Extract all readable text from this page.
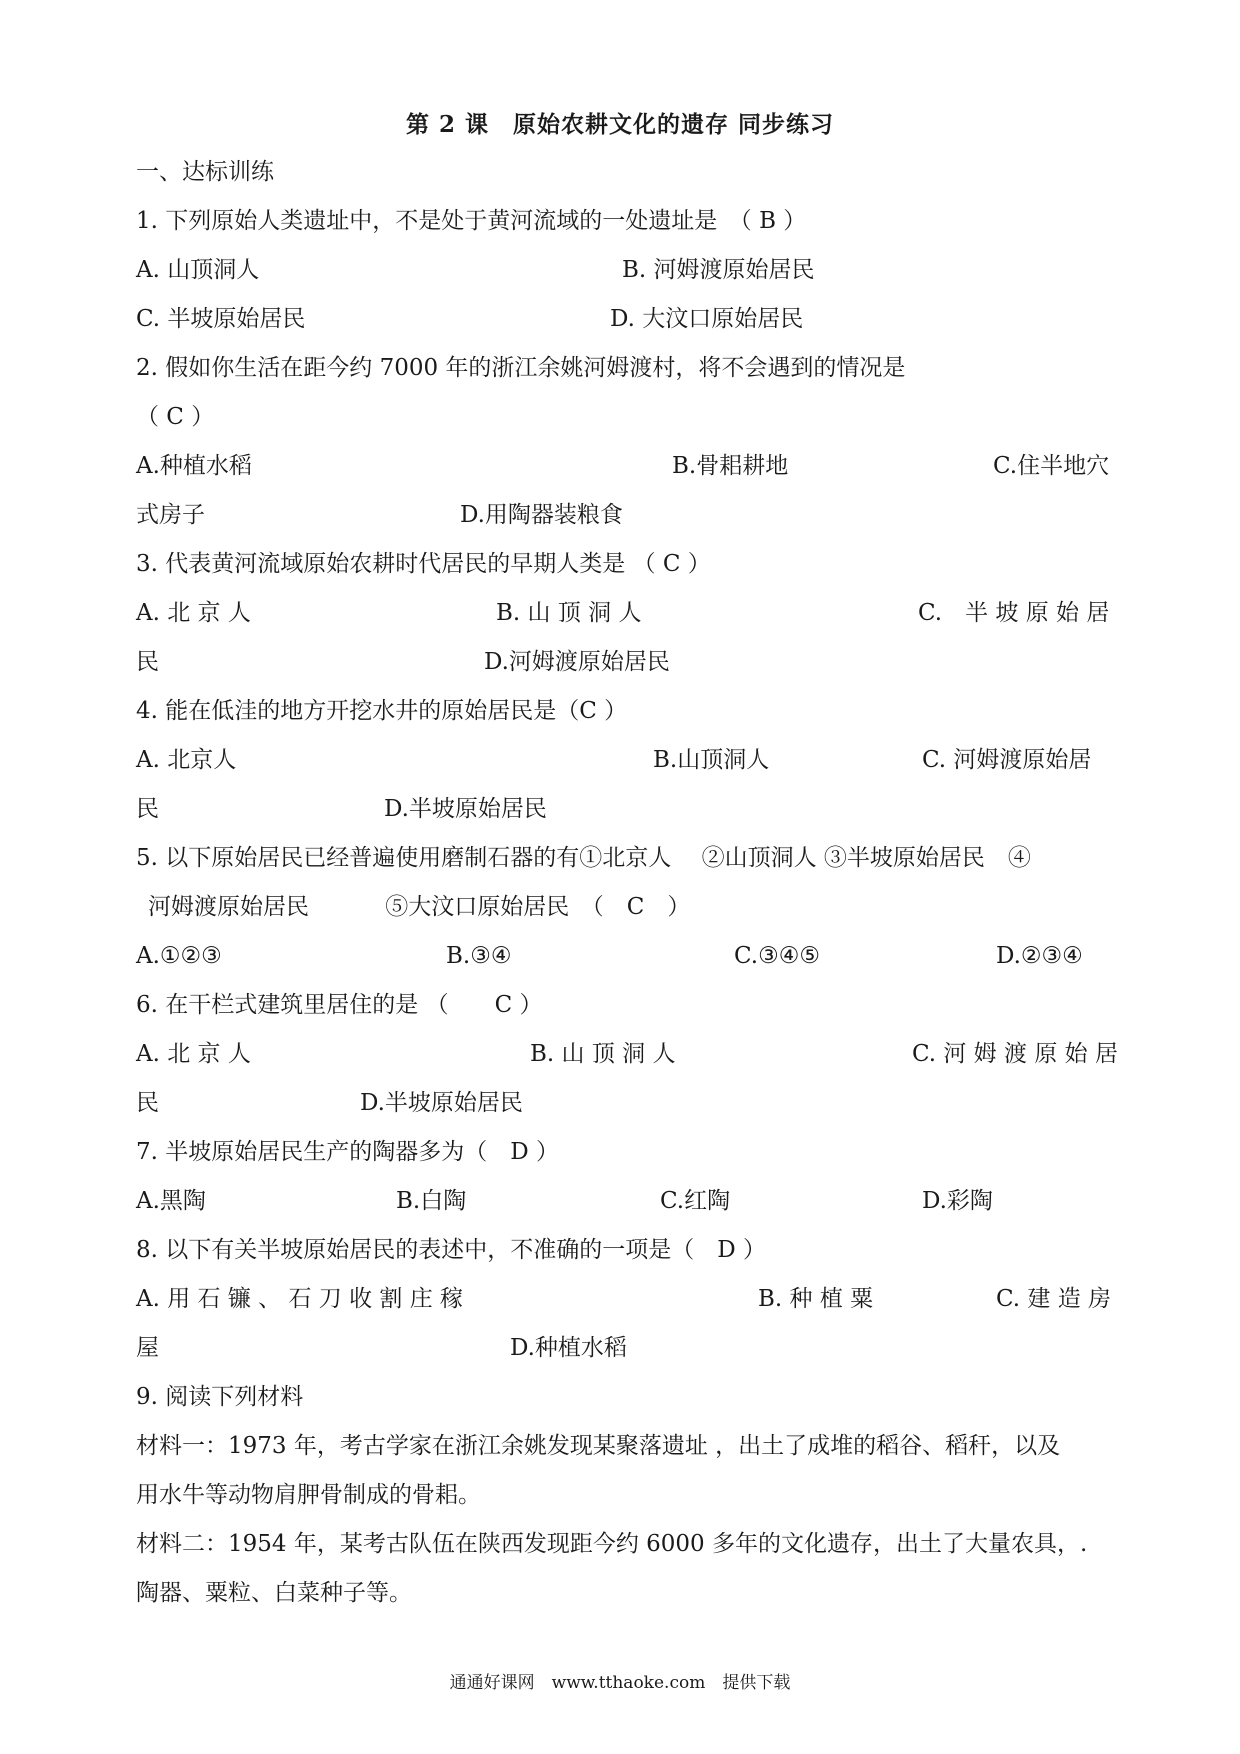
第 2 课　原始农耕文化的遗存 同步练习
一、达标训练
1. 下列原始人类遗址中，不是处于黄河流域的一处遗址是　（ B ）
A. 山顶洞人	B. 河姆渡原始居民
C. 半坡原始居民	D. 大汶口原始居民
2. 假如你生活在距今约 7000 年的浙江余姚河姆渡村，将不会遇到的情况是
（ C ）
A.种植水稻	B.骨耜耕地	C.住半地穴
式房子	D.用陶器装粮食
3. 代表黄河流域原始农耕时代居民的早期人类是 （ C ）
A. 北 京 人	B. 山 顶 洞 人	C.　半 坡 原 始 居
民	D.河姆渡原始居民
4. 能在低洼的地方开挖水井的原始居民是（C ）
A. 北京人	B.山顶洞人	C. 河姆渡原始居
民	D.半坡原始居民
5. 以下原始居民已经普遍使用磨制石器的有①北京人　 ②山顶洞人 ③半坡原始居民　④
河姆渡原始居民　　　 ⑤大汶口原始居民　（　C　）
A.①②③	B.③④	C.③④⑤	D.②③④
6. 在干栏式建筑里居住的是 （　　C ）
A. 北 京 人	B. 山 顶 洞 人	C. 河 姆 渡 原 始 居
民	D.半坡原始居民
7. 半坡原始居民生产的陶器多为（　D ）
A.黑陶	B.白陶	C.红陶	D.彩陶
8. 以下有关半坡原始居民的表述中，不准确的一项是（　D ）
A. 用 石 镰 、 石 刀 收 割 庄 稼	B. 种 植 粟	C. 建 造 房
屋	D.种植水稻
9. 阅读下列材料
材料一：1973 年，考古学家在浙江余姚发现某聚落遗址 ，出土了成堆的稻谷、稻秆，以及
用水牛等动物肩胛骨制成的骨耜。
材料二：1954 年，某考古队伍在陕西发现距今约 6000 多年的文化遗存，出土了大量农具，.
陶器、粟粒、白菜种子等。
通通好课网　www.tthaoke.com　提供下载
